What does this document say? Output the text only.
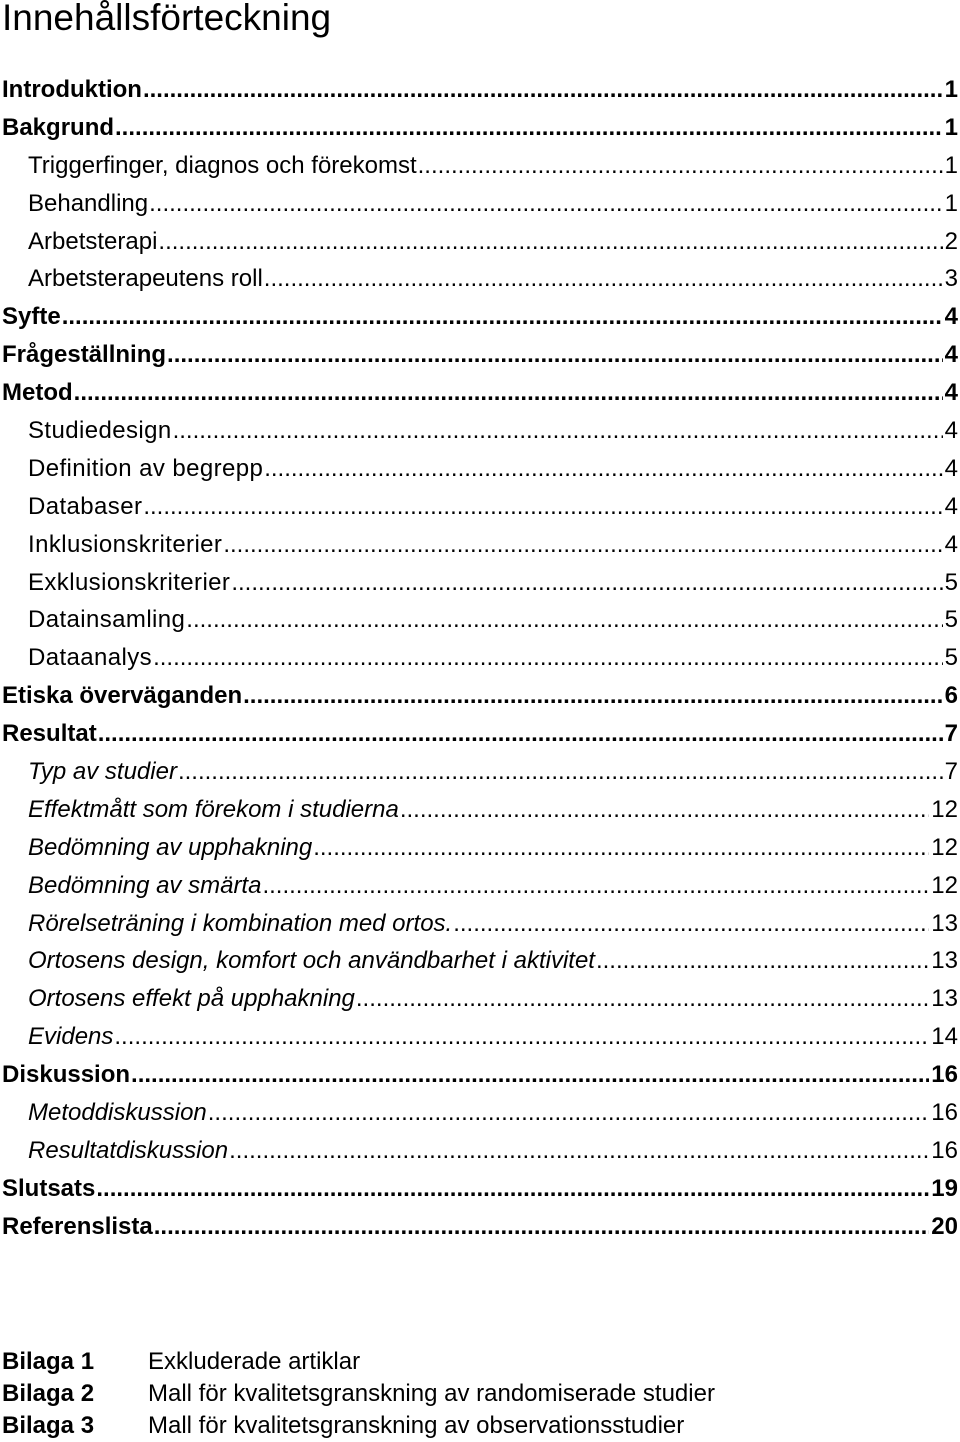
Innehållsförteckning
Introduktion .....	1
Bakgrund .....	1
Triggerfinger, diagnos och förekomst .....	1
Behandling .....	1
Arbetsterapi .....	2
Arbetsterapeutens roll .....	3
Syfte .....	4
Frågeställning .....	4
Metod .....	4
Studiedesign .....	4
Definition av begrepp .....	4
Databaser .....	4
Inklusionskriterier .....	4
Exklusionskriterier .....	5
Datainsamling .....	5
Dataanalys .....	5
Etiska överväganden .....	6
Resultat .....	7
Typ av studier .....	7
Effektmått som förekom i studierna .....	12
Bedömning av upphakning .....	12
Bedömning av smärta .....	12
Rörelseträning i kombination med ortos. .....	13
Ortosens design, komfort och användbarhet i aktivitet .....	13
Ortosens effekt på upphakning .....	13
Evidens .....	14
Diskussion .....	16
Metoddiskussion .....	16
Resultatdiskussion .....	16
Slutsats .....	19
Referenslista .....	20
Bilaga 1	Exkluderade artiklar
Bilaga 2	Mall för kvalitetsgranskning av randomiserade studier
Bilaga 3	Mall för kvalitetsgranskning av observationsstudier
